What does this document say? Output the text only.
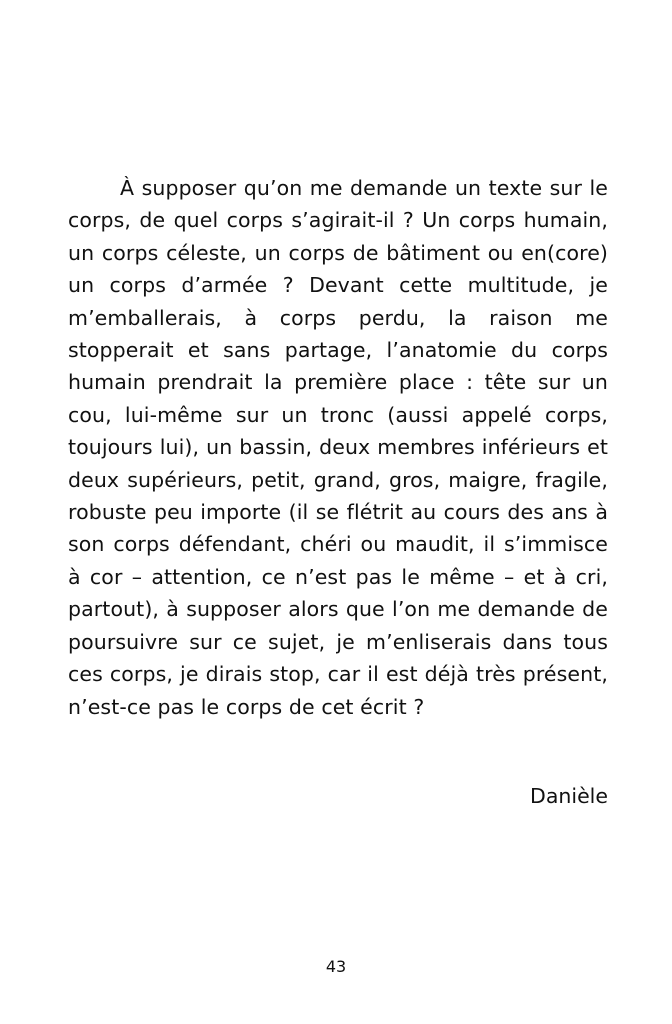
À supposer qu’on me demande un texte sur le corps, de quel corps s’agirait-il ? Un corps humain, un corps céleste, un corps de bâtiment ou en(core) un corps d’armée ? Devant cette multitude, je m’emballerais, à corps perdu, la raison me stopperait et sans partage, l’anatomie du corps humain prendrait la première place : tête sur un cou, lui-même sur un tronc (aussi appelé corps, toujours lui), un bassin, deux membres inférieurs et deux supérieurs, petit, grand, gros, maigre, fragile, robuste peu importe (il se flétrit au cours des ans à son corps défendant, chéri ou maudit, il s’immisce à cor – attention, ce n’est pas le même – et à cri, partout), à supposer alors que l’on me demande de poursuivre sur ce sujet, je m’enliserais dans tous ces corps, je dirais stop, car il est déjà très présent, n’est-ce pas le corps de cet écrit ?

Danièle

43
